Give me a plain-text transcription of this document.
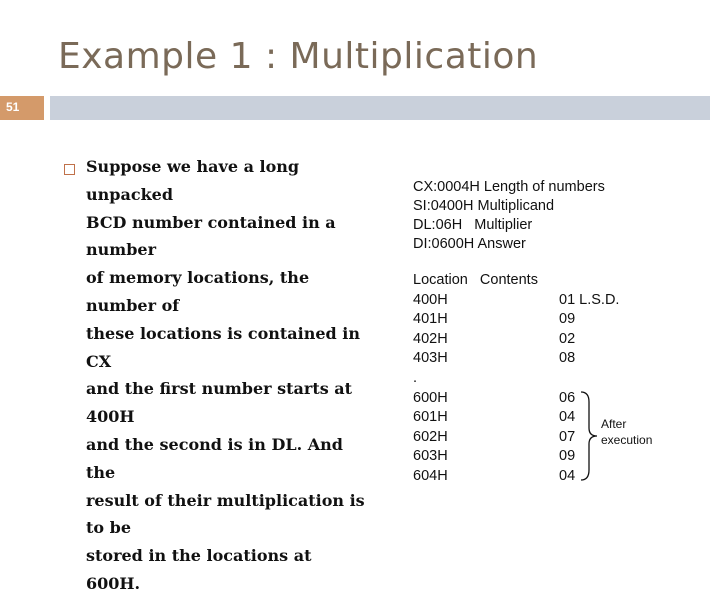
Example 1 : Multiplication
51
Suppose we have a long unpacked
BCD number contained in a number
of memory locations, the number of
these locations is contained in CX
and the first number starts at 400H
and the second is in DL. And the
result of their multiplication is to be
stored in the locations at 600H.
CX:0004H Length of numbers
SI:0400H Multiplicand
DL:06H   Multiplier
DI:0600H Answer
Location   Contents
400H	01 L.S.D.
401H	09
402H	02
403H	08
.
600H	06
601H	04
602H	07
603H	09
604H	04
After
execution
